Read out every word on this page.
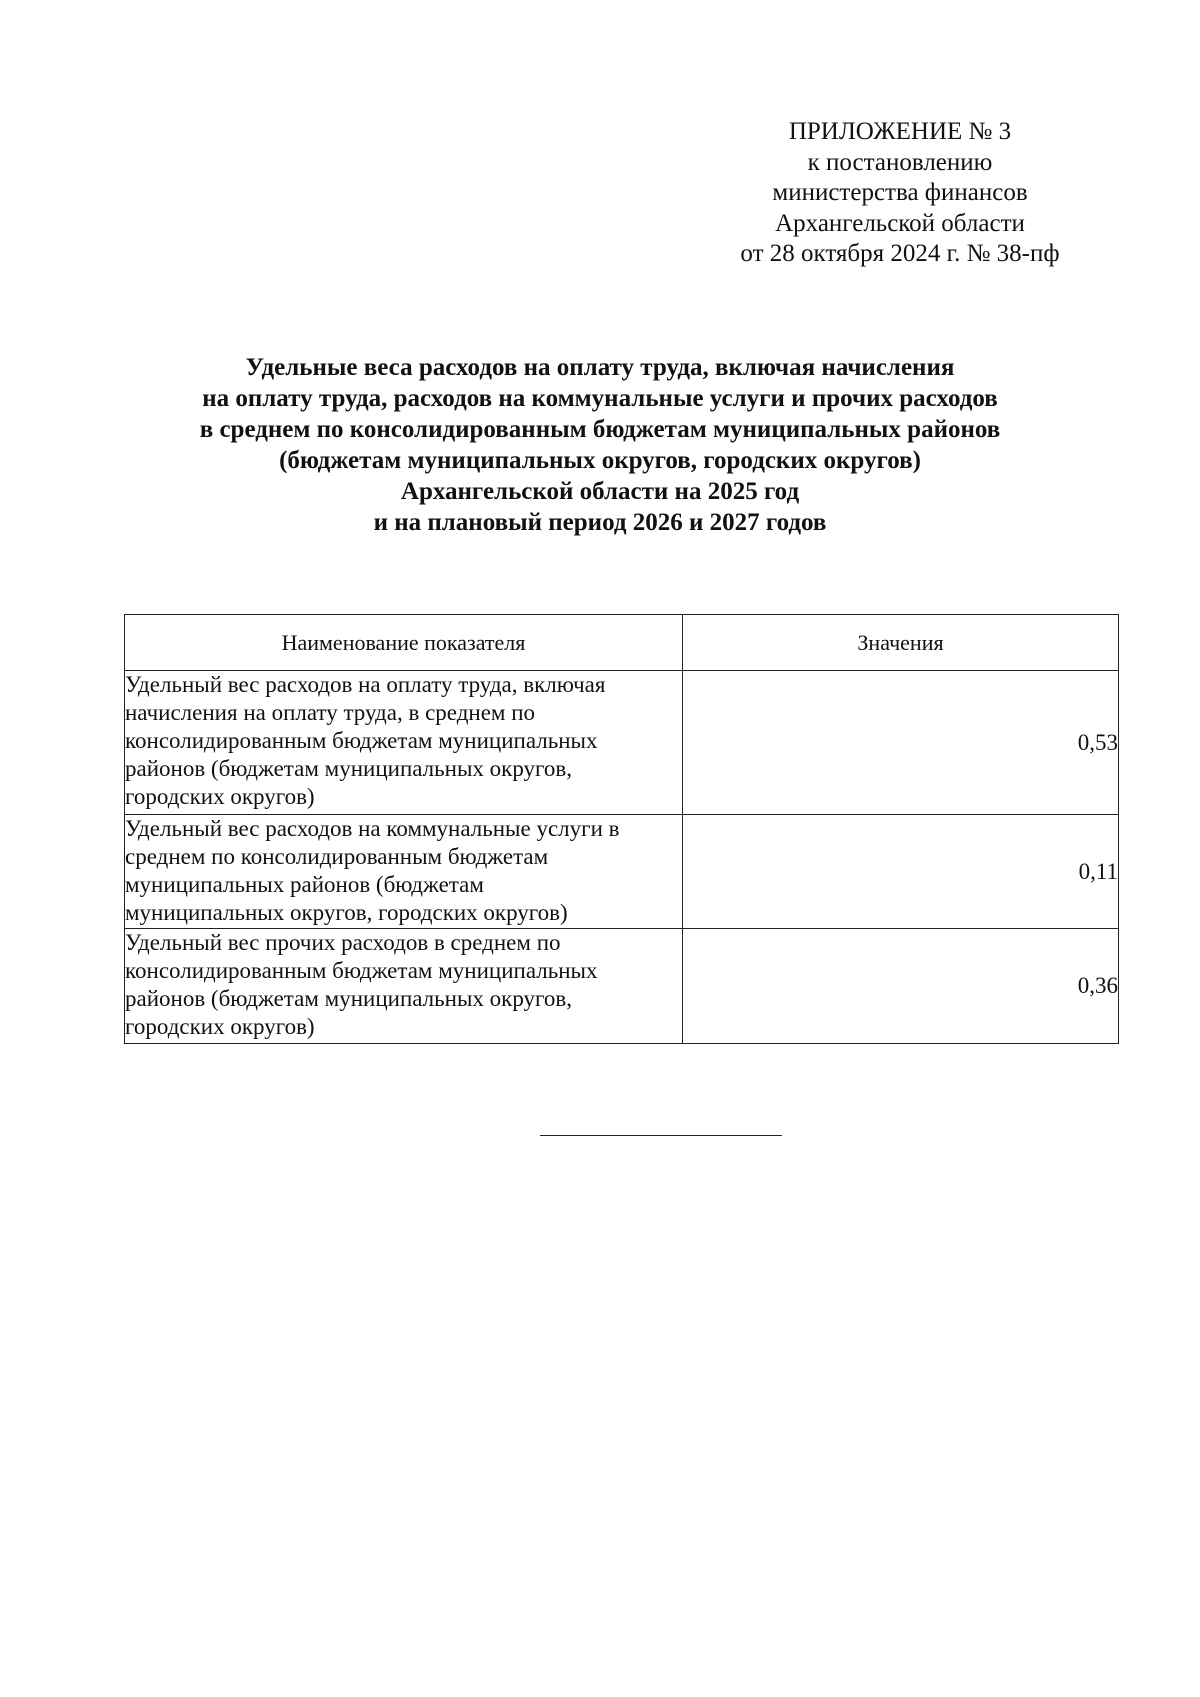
ПРИЛОЖЕНИЕ № 3
к постановлению
министерства финансов
Архангельской области
от 28 октября 2024 г. № 38-пф
Удельные веса расходов на оплату труда, включая начисления
на оплату труда, расходов на коммунальные услуги и прочих расходов
в среднем по консолидированным бюджетам муниципальных районов
(бюджетам муниципальных округов, городских округов)
Архангельской области на 2025 год
и на плановый период 2026 и 2027 годов
Наименование показателя	Значения

Удельный вес расходов на оплату труда, включая
начисления на оплату труда, в среднем по
консолидированным бюджетам муниципальных
районов (бюджетам муниципальных округов,
городских округов)	0,53

Удельный вес расходов на коммунальные услуги в
среднем по консолидированным бюджетам
муниципальных районов (бюджетам
муниципальных округов, городских округов)	0,11

Удельный вес прочих расходов в среднем по
консолидированным бюджетам муниципальных
районов (бюджетам муниципальных округов,
городских округов)	0,36
